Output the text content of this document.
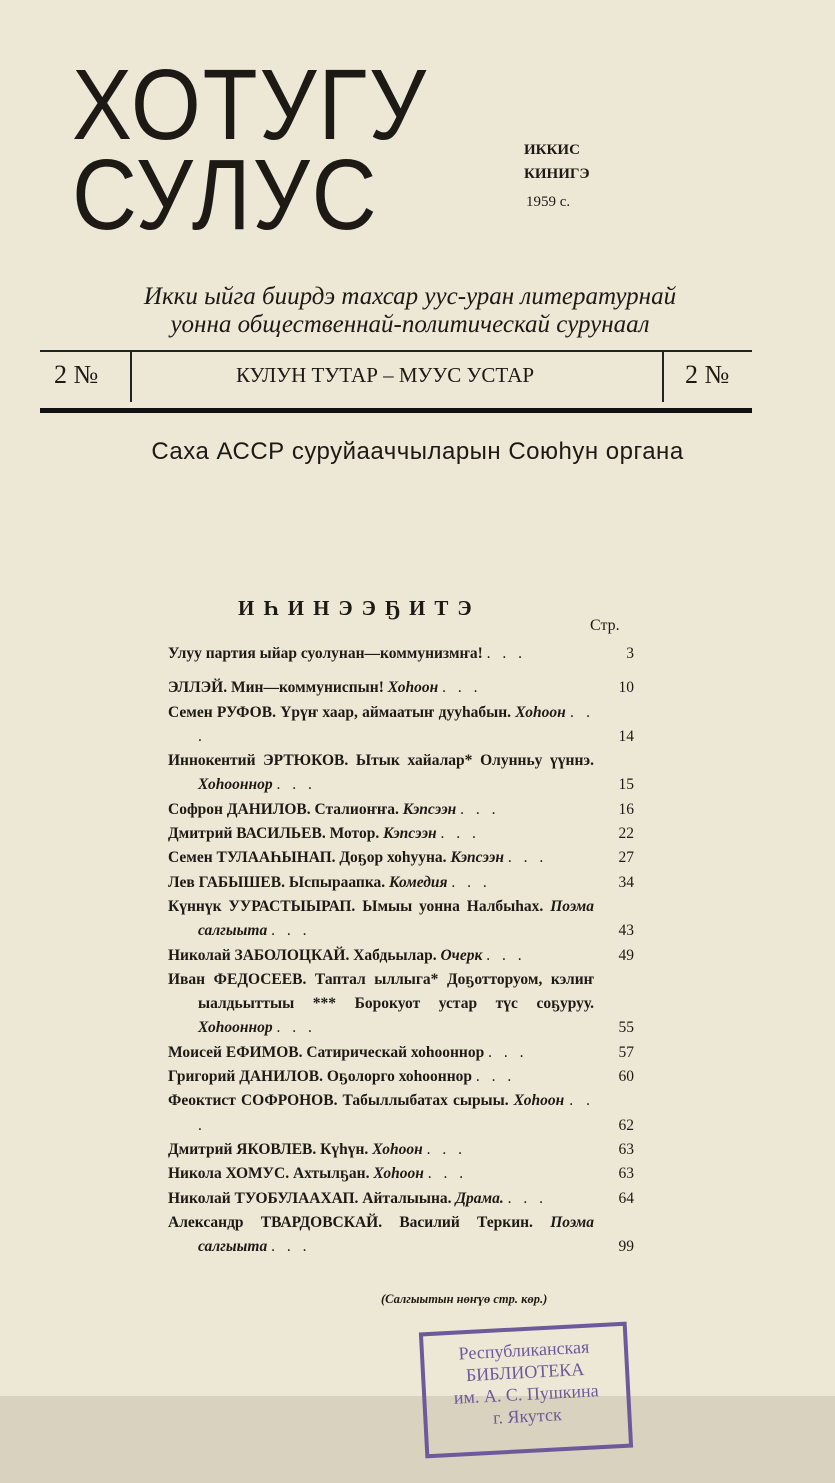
ХОТУГУ
СУЛУС	ИККИС
КИНИГЭ
1959 с.
Икки ыйга биирдэ тахсар уус-уран литературнай
уонна общественнай-политическай сурунаал
2 №	КУЛУН ТУТАР – МУУС УСТАР	2 №
Саха АССР суруйааччыларын Союһун органа
ИҺИНЭЭҔИТЭ
Стр.
Улуу партия ыйар суолунан—коммунизмҥа! . . .	3
ЭЛЛЭЙ. Мин—коммуниспын! Хоһоон . . .	10
Семен РУФОВ. Үрүҥ хаар, аймаатыҥ дууһабын. Хоһоон . . .	14
Иннокентий ЭРТЮКОВ. Ытык хайалар* Олунньу үүннэ. Хоһооннор . . .	15
Софрон ДАНИЛОВ. Сталиоҥҥа. Кэпсээн . . .	16
Дмитрий ВАСИЛЬЕВ. Мотор. Кэпсээн . . .	22
Семен ТУЛААҺЫНАП. Доҕор хоһууна. Кэпсээн . . .	27
Лев ГАБЫШЕВ. Ыспыраапка. Комедия . . .	34
Күннүк УУРАСТЫЫРАП. Ымыы уонна Налбыһах. Поэма салгыыта . . .	43
Николай ЗАБОЛОЦКАЙ. Хабдьылар. Очерк . . .	49
Иван ФЕДОСЕЕВ. Таптал ыллыга* Доҕотторуом, кэлиҥ ыалдьыттыы *** Борокуот устар түс соҕуруу. Хоһооннор . . .	55
Моисей ЕФИМОВ. Сатирическай хоһооннор . . .	57
Григорий ДАНИЛОВ. Оҕолорго хоһооннор . . .	60
Феоктист СОФРОНОВ. Табыллыбатах сырыы. Хоһоон . . .	62
Дмитрий ЯКОВЛЕВ. Күһүн. Хоһоон . . .	63
Никола ХОМУС. Ахтылҕан. Хоһоон . . .	63
Николай ТУОБУЛААХАП. Айталыына. Драма. . . .	64
Александр ТВАРДОВСКАЙ. Василий Теркин. Поэма салгыыта . . .	99
(Салгыытын нөҥүө стр. көр.)
Республиканская
БИБЛИОТЕКА
им. А. С. Пушкина
г. Якутск
